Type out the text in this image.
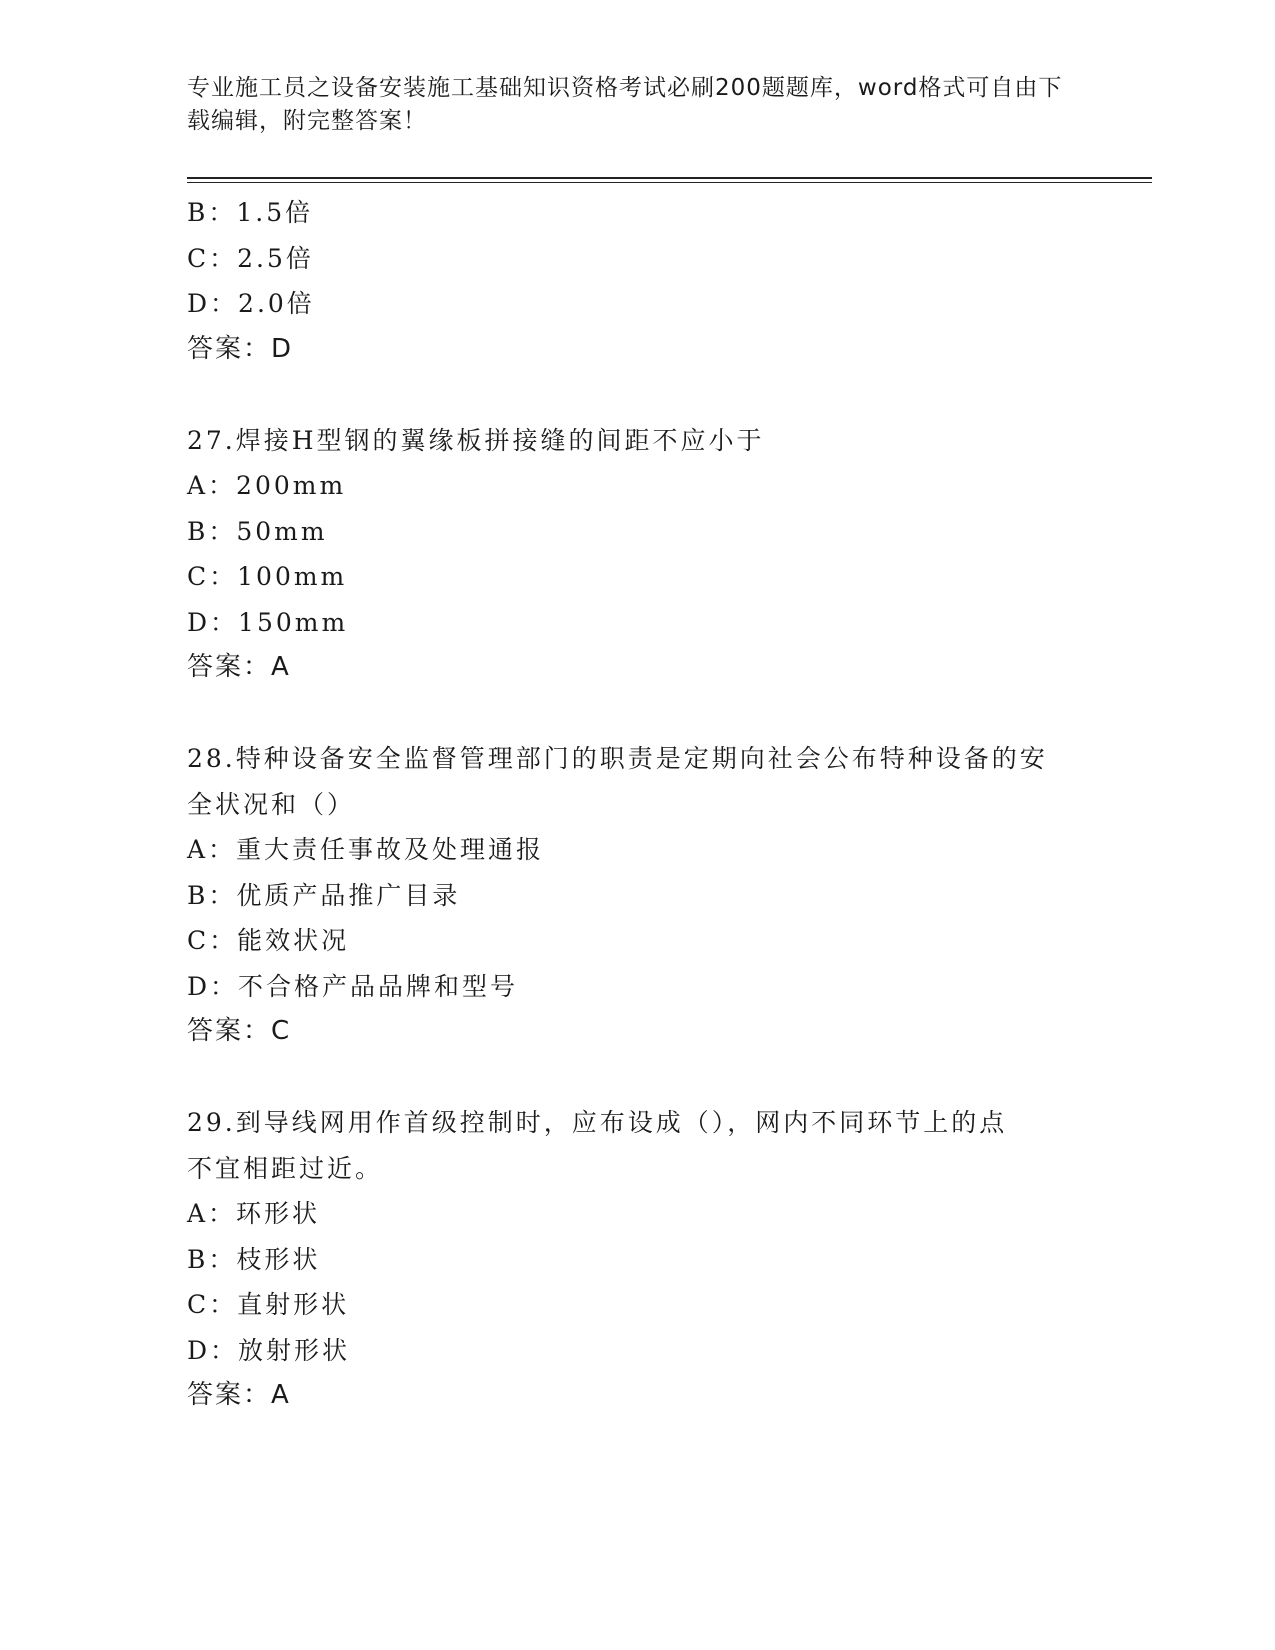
专业施工员之设备安装施工基础知识资格考试必刷200题题库，word格式可自由下载编辑，附完整答案！
B：1.5倍
C：2.5倍
D：2.0倍
答案：D
27.焊接H型钢的翼缘板拼接缝的间距不应小于
A：200mm
B：50mm
C：100mm
D：150mm
答案：A
28.特种设备安全监督管理部门的职责是定期向社会公布特种设备的安
全状况和（）
A：重大责任事故及处理通报
B：优质产品推广目录
C：能效状况
D：不合格产品品牌和型号
答案：C
29.到导线网用作首级控制时，应布设成（），网内不同环节上的点
不宜相距过近。
A：环形状
B：枝形状
C：直射形状
D：放射形状
答案：A
